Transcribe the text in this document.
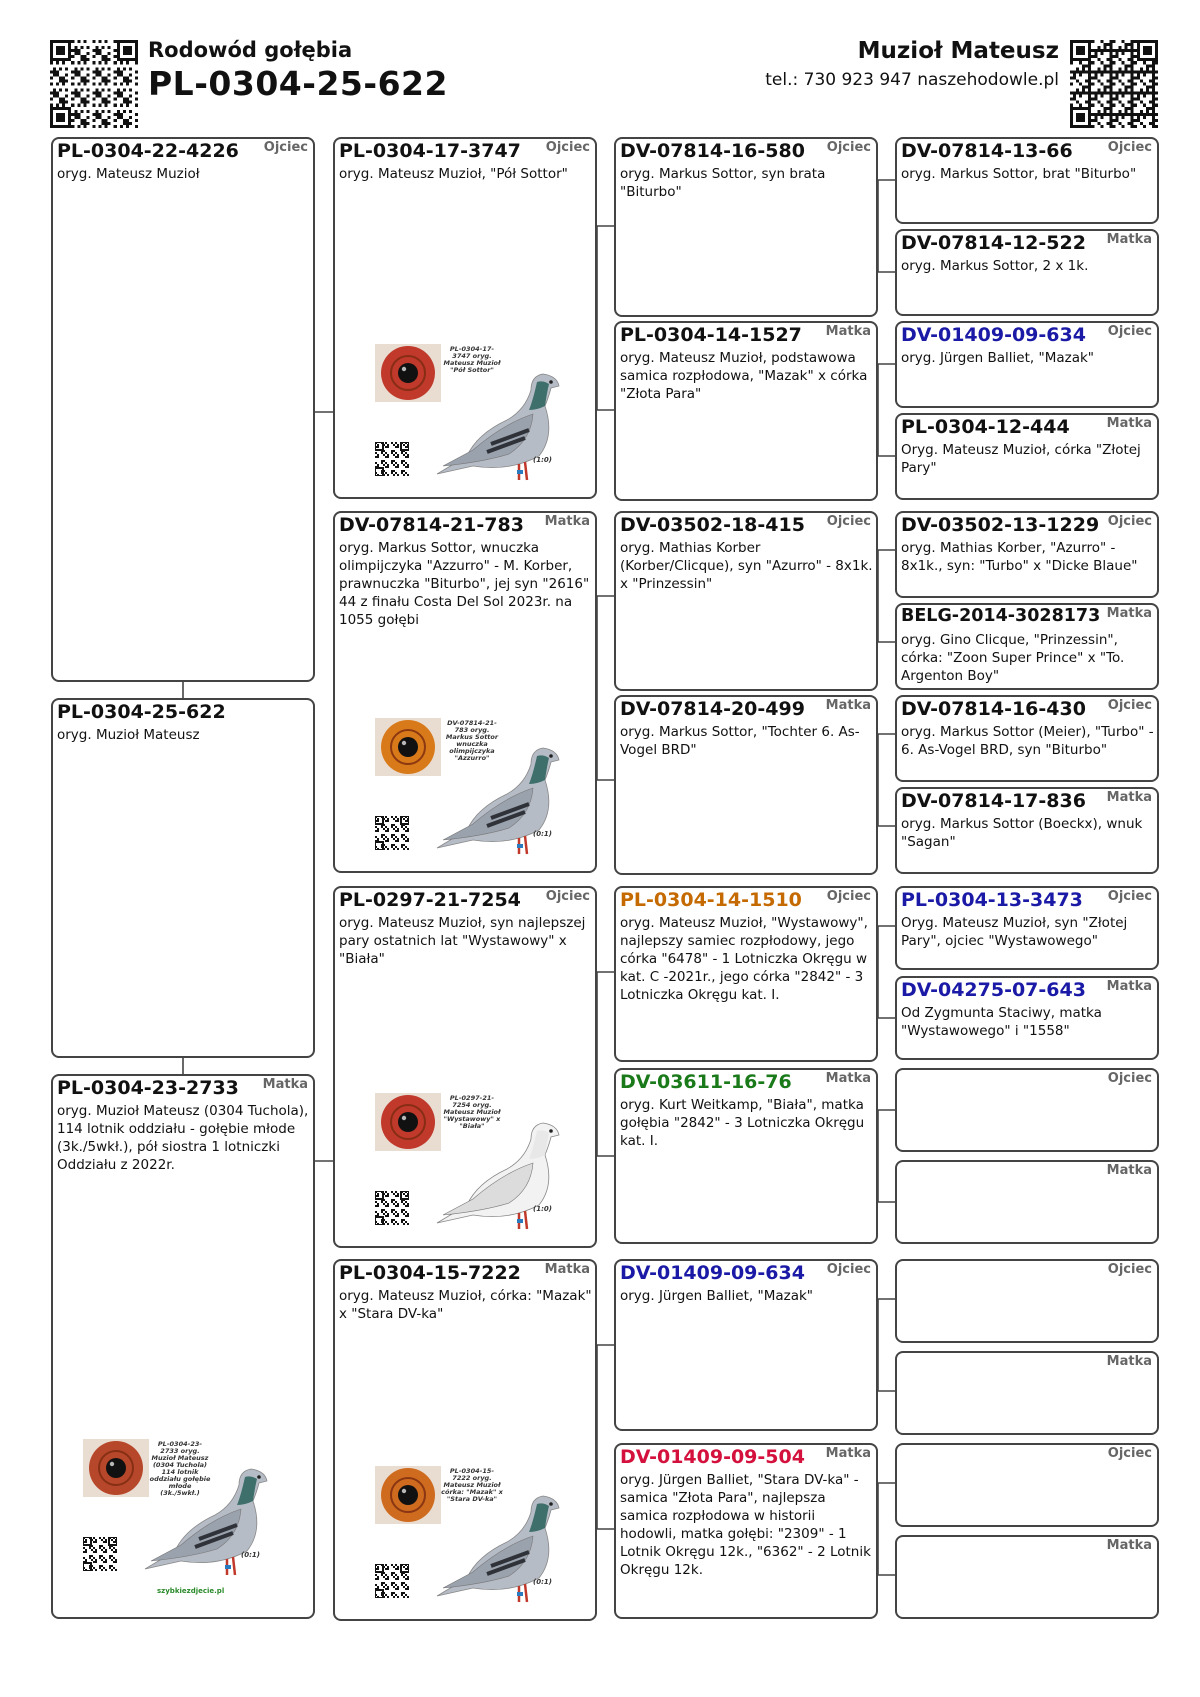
Rodowód gołębia
PL-0304-25-622
Muzioł Mateusz
tel.: 730 923 947 naszehodowle.pl
PL-0304-22-4226 Ojciec
oryg. Mateusz Muzioł
PL-0304-25-622
oryg. Muzioł Mateusz
PL-0304-23-2733 Matka
oryg. Muzioł Mateusz (0304 Tuchola), 114 lotnik oddziału - gołębie młode (3k./5wkł.), pół siostra 1 lotniczki Oddziału z 2022r.
PL-0304-17-3747 Ojciec
oryg. Mateusz Muzioł, "Pół Sottor"
DV-07814-21-783 Matka
oryg. Markus Sottor, wnuczka olimpijczyka "Azzurro" - M. Korber, prawnuczka "Biturbo", jej syn "2616" 44 z finału Costa Del Sol 2023r. na 1055 gołębi
PL-0297-21-7254 Ojciec
oryg. Mateusz Muzioł, syn najlepszej pary ostatnich lat "Wystawowy" x "Biała"
PL-0304-15-7222 Matka
oryg. Mateusz Muzioł, córka: "Mazak" x "Stara DV-ka"
DV-07814-16-580 Ojciec
oryg. Markus Sottor, syn brata "Biturbo"
PL-0304-14-1527 Matka
oryg. Mateusz Muzioł, podstawowa samica rozpłodowa, "Mazak" x córka "Złota Para"
DV-03502-18-415 Ojciec
oryg. Mathias Korber (Korber/Clicque), syn "Azurro" - 8x1k. x "Prinzessin"
DV-07814-20-499 Matka
oryg. Markus Sottor, "Tochter 6. As-Vogel BRD"
PL-0304-14-1510 Ojciec
oryg. Mateusz Muzioł, "Wystawowy", najlepszy samiec rozpłodowy, jego córka "6478" - 1 Lotniczka Okręgu w kat. C -2021r., jego córka "2842" - 3 Lotniczka Okręgu kat. I.
DV-03611-16-76	Matka
oryg. Kurt Weitkamp, "Biała", matka gołębia "2842" - 3 Lotniczka Okręgu kat. I.
DV-01409-09-634 Ojciec
oryg. Jürgen Balliet, "Mazak"
DV-01409-09-504 Matka
oryg. Jürgen Balliet, "Stara DV-ka" - samica "Złota Para", najlepsza samica rozpłodowa w historii hodowli, matka gołębi: "2309" - 1 Lotnik Okręgu 12k., "6362" - 2 Lotnik Okręgu 12k.
DV-07814-13-66	Ojciec
oryg. Markus Sottor, brat "Biturbo"
DV-07814-12-522 Matka
oryg. Markus Sottor, 2 x 1k.
DV-01409-09-634 Ojciec
oryg. Jürgen Balliet, "Mazak"
PL-0304-12-444	Matka
Oryg. Mateusz Muzioł, córka "Złotej Pary"
DV-03502-13-1229 Ojciec
oryg. Mathias Korber, "Azurro" - 8x1k., syn: "Turbo" x "Dicke Blaue"
BELG-2014-3028173 Matka
oryg. Gino Clicque, "Prinzessin", córka: "Zoon Super Prince" x "To. Argenton Boy"
DV-07814-16-430 Ojciec
oryg. Markus Sottor (Meier), "Turbo" - 6. As-Vogel BRD, syn "Biturbo"
DV-07814-17-836 Matka
oryg. Markus Sottor (Boeckx), wnuk "Sagan"
PL-0304-13-3473 Ojciec
Oryg. Mateusz Muzioł, syn "Złotej Pary", ojciec "Wystawowego"
DV-04275-07-643 Matka
Od Zygmunta Staciwy, matka "Wystawowego" i "1558"
Ojciec
Matka
Ojciec
Matka
Ojciec
Matka
PL-0304-17-3747 oryg. Mateusz Muzioł "Pół Sottor"
(1:0)
DV-07814-21-783 oryg. Markus Sottor wnuczka olimpijczyka "Azzurro"
(0:1)
PL-0297-21-7254 oryg. Mateusz Muzioł "Wystawowy" x "Biała"
(1:0)
PL-0304-15-7222 oryg. Mateusz Muzioł córka: "Mazak" x "Stara DV-ka"
(0:1)
PL-0304-23-2733 oryg. Muzioł Mateusz (0304 Tuchola) 114 lotnik oddziału gołębie młode (3k./5wkł.)
(0:1)
szybkiezdjecie.pl
